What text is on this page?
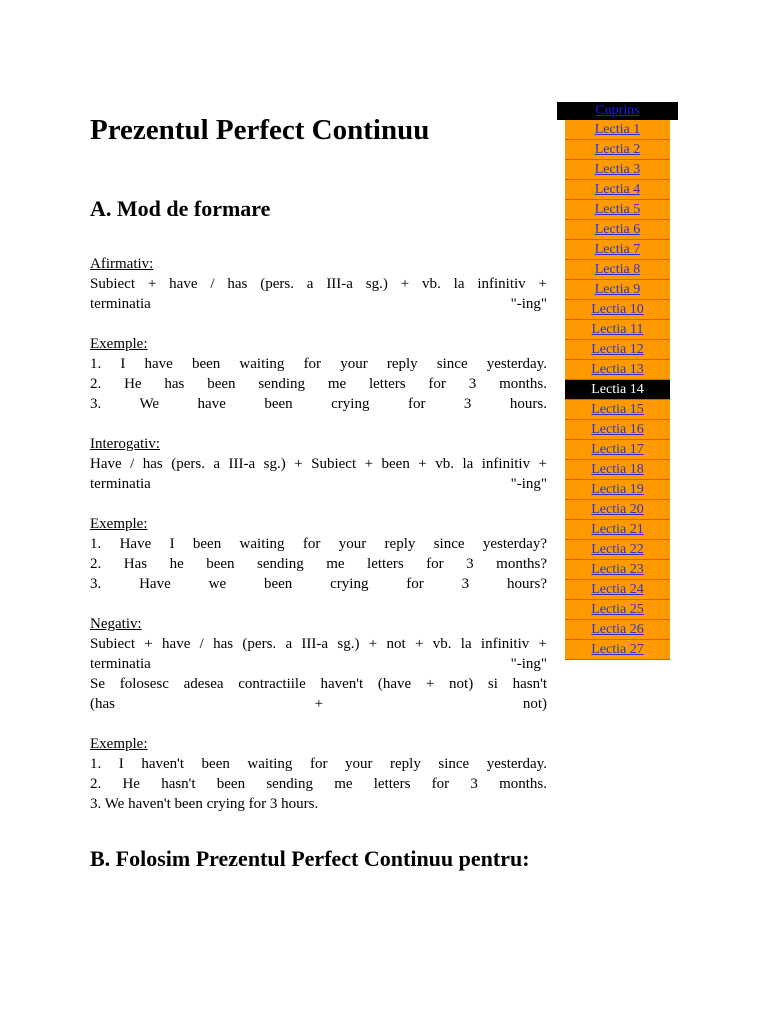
Prezentul Perfect Continuu
A. Mod de formare
Afirmativ:
Subiect + have / has (pers. a III-a sg.) + vb. la infinitiv +
terminatia "-ing"
Exemple:
1. I have been waiting for your reply since yesterday.
2. He has been sending me letters for 3 months.
3. We have been crying for 3 hours.
Interogativ:
Have / has (pers. a III-a sg.) + Subiect + been + vb. la infinitiv +
terminatia "-ing"
Exemple:
1. Have I been waiting for your reply since yesterday?
2. Has he been sending me letters for 3 months?
3. Have we been crying for 3 hours?
Negativ:
Subiect + have / has (pers. a III-a sg.) + not + vb. la infinitiv +
terminatia "-ing"
Se folosesc adesea contractiile haven't (have + not) si hasn't
(has + not)
Exemple:
1. I haven't been waiting for your reply since yesterday.
2. He hasn't been sending me letters for 3 months.
3. We haven't been crying for 3 hours.
B. Folosim Prezentul Perfect Continuu pentru:
Cuprins
Lectia 1
Lectia 2
Lectia 3
Lectia 4
Lectia 5
Lectia 6
Lectia 7
Lectia 8
Lectia 9
Lectia 10
Lectia 11
Lectia 12
Lectia 13
Lectia 14
Lectia 15
Lectia 16
Lectia 17
Lectia 18
Lectia 19
Lectia 20
Lectia 21
Lectia 22
Lectia 23
Lectia 24
Lectia 25
Lectia 26
Lectia 27
